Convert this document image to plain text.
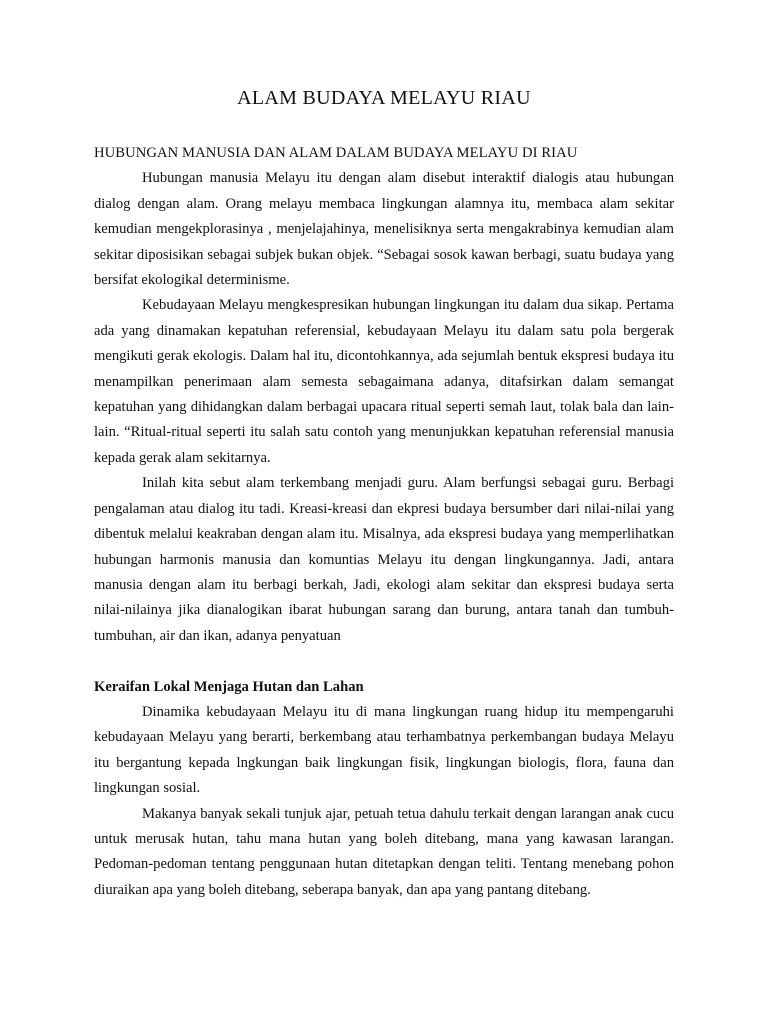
ALAM BUDAYA MELAYU RIAU
HUBUNGAN MANUSIA DAN ALAM DALAM BUDAYA MELAYU DI RIAU

Hubungan manusia Melayu itu dengan alam disebut interaktif dialogis atau hubungan dialog dengan alam. Orang melayu membaca lingkungan alamnya itu, membaca alam sekitar kemudian mengekplorasinya , menjelajahinya, menelisiknya serta mengakrabinya kemudian alam sekitar diposisikan sebagai subjek bukan objek. “Sebagai sosok kawan berbagi, suatu budaya yang bersifat ekologikal determinisme.

Kebudayaan Melayu mengkespresikan hubungan lingkungan itu dalam dua sikap. Pertama ada yang dinamakan kepatuhan referensial, kebudayaan Melayu itu dalam satu pola bergerak mengikuti gerak ekologis. Dalam hal itu, dicontohkannya, ada sejumlah bentuk ekspresi budaya itu menampilkan penerimaan alam semesta sebagaimana adanya, ditafsirkan dalam semangat kepatuhan yang dihidangkan dalam berbagai upacara ritual seperti semah laut, tolak bala dan lain-lain. “Ritual-ritual seperti itu salah satu contoh yang menunjukkan kepatuhan referensial manusia kepada gerak alam sekitarnya.

Inilah kita sebut alam terkembang menjadi guru. Alam berfungsi sebagai guru. Berbagi pengalaman atau dialog itu tadi. Kreasi-kreasi dan ekpresi budaya bersumber dari nilai-nilai yang dibentuk melalui keakraban dengan alam itu. Misalnya, ada ekspresi budaya yang memperlihatkan hubungan harmonis manusia dan komuntias Melayu itu dengan lingkungannya. Jadi, antara manusia dengan alam itu berbagi berkah, Jadi, ekologi alam sekitar dan ekspresi budaya serta nilai-nilainya jika dianalogikan ibarat hubungan sarang dan burung, antara tanah dan tumbuh-tumbuhan, air dan ikan, adanya penyatuan

Keraifan Lokal Menjaga Hutan dan Lahan

Dinamika kebudayaan Melayu itu di mana lingkungan ruang hidup itu mempengaruhi kebudayaan Melayu yang berarti, berkembang atau terhambatnya perkembangan budaya Melayu itu bergantung kepada lngkungan baik lingkungan fisik, lingkungan biologis, flora, fauna dan lingkungan sosial.

Makanya banyak sekali tunjuk ajar, petuah tetua dahulu terkait dengan larangan anak cucu untuk merusak hutan, tahu mana hutan yang boleh ditebang, mana yang kawasan larangan. Pedoman-pedoman tentang penggunaan hutan ditetapkan dengan teliti. Tentang menebang pohon diuraikan apa yang boleh ditebang, seberapa banyak, dan apa yang pantang ditebang.
